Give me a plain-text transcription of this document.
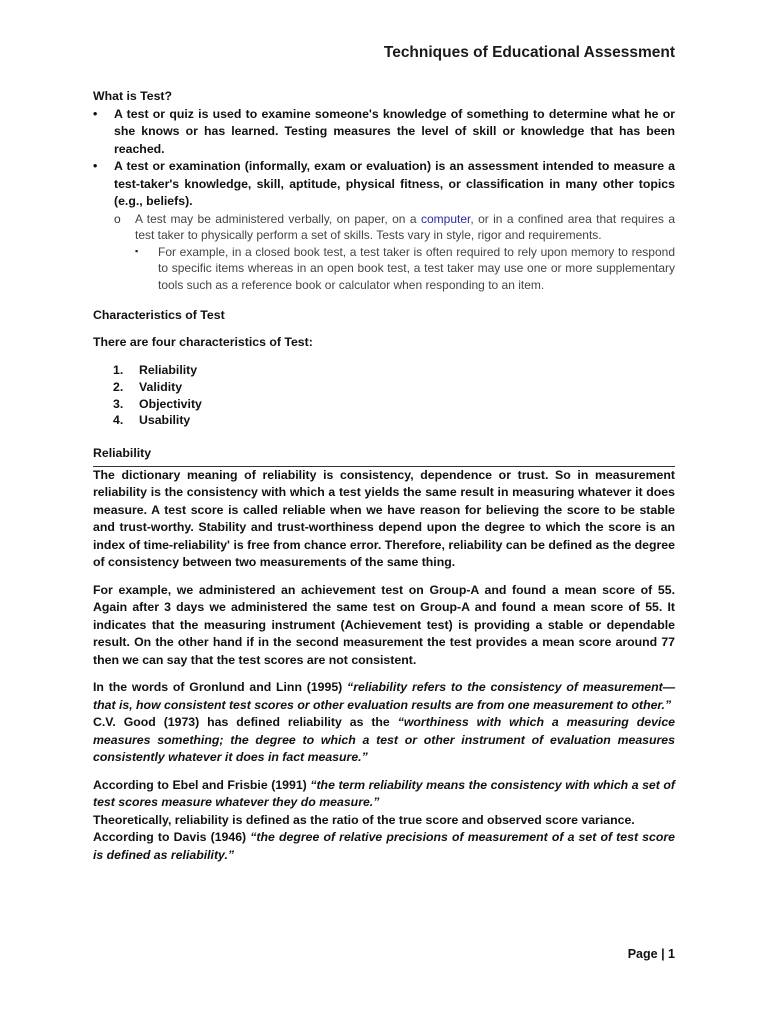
Techniques of Educational Assessment

What is Test?

• A test or quiz is used to examine someone's knowledge of something to determine what he or she knows or has learned. Testing measures the level of skill or knowledge that has been reached.
• A test or examination (informally, exam or evaluation) is an assessment intended to measure a test-taker's knowledge, skill, aptitude, physical fitness, or classification in many other topics (e.g., beliefs).
o A test may be administered verbally, on paper, on a computer, or in a confined area that requires a test taker to physically perform a set of skills. Tests vary in style, rigor and requirements.
▪ For example, in a closed book test, a test taker is often required to rely upon memory to respond to specific items whereas in an open book test, a test taker may use one or more supplementary tools such as a reference book or calculator when responding to an item.

Characteristics of Test

There are four characteristics of Test:

1. Reliability
2. Validity
3. Objectivity
4. Usability

Reliability

The dictionary meaning of reliability is consistency, dependence or trust. So in measurement reliability is the consistency with which a test yields the same result in measuring whatever it does measure. A test score is called reliable when we have reason for believing the score to be stable and trust-worthy. Stability and trust-worthiness depend upon the degree to which the score is an index of time-reliability' is free from chance error. Therefore, reliability can be defined as the degree of consistency between two measurements of the same thing.

For example, we administered an achievement test on Group-A and found a mean score of 55. Again after 3 days we administered the same test on Group-A and found a mean score of 55. It indicates that the measuring instrument (Achievement test) is providing a stable or dependable result. On the other hand if in the second measurement the test provides a mean score around 77 then we can say that the test scores are not consistent.

In the words of Gronlund and Linn (1995) “reliability refers to the consistency of measurement—that is, how consistent test scores or other evaluation results are from one measurement to other.”

C.V. Good (1973) has defined reliability as the “worthiness with which a measuring device measures something; the degree to which a test or other instrument of evaluation measures consistently whatever it does in fact measure.”

According to Ebel and Frisbie (1991) “the term reliability means the consistency with which a set of test scores measure whatever they do measure.”

Theoretically, reliability is defined as the ratio of the true score and observed score variance.

According to Davis (1946) “the degree of relative precisions of measurement of a set of test score is defined as reliability.”

Page | 1
